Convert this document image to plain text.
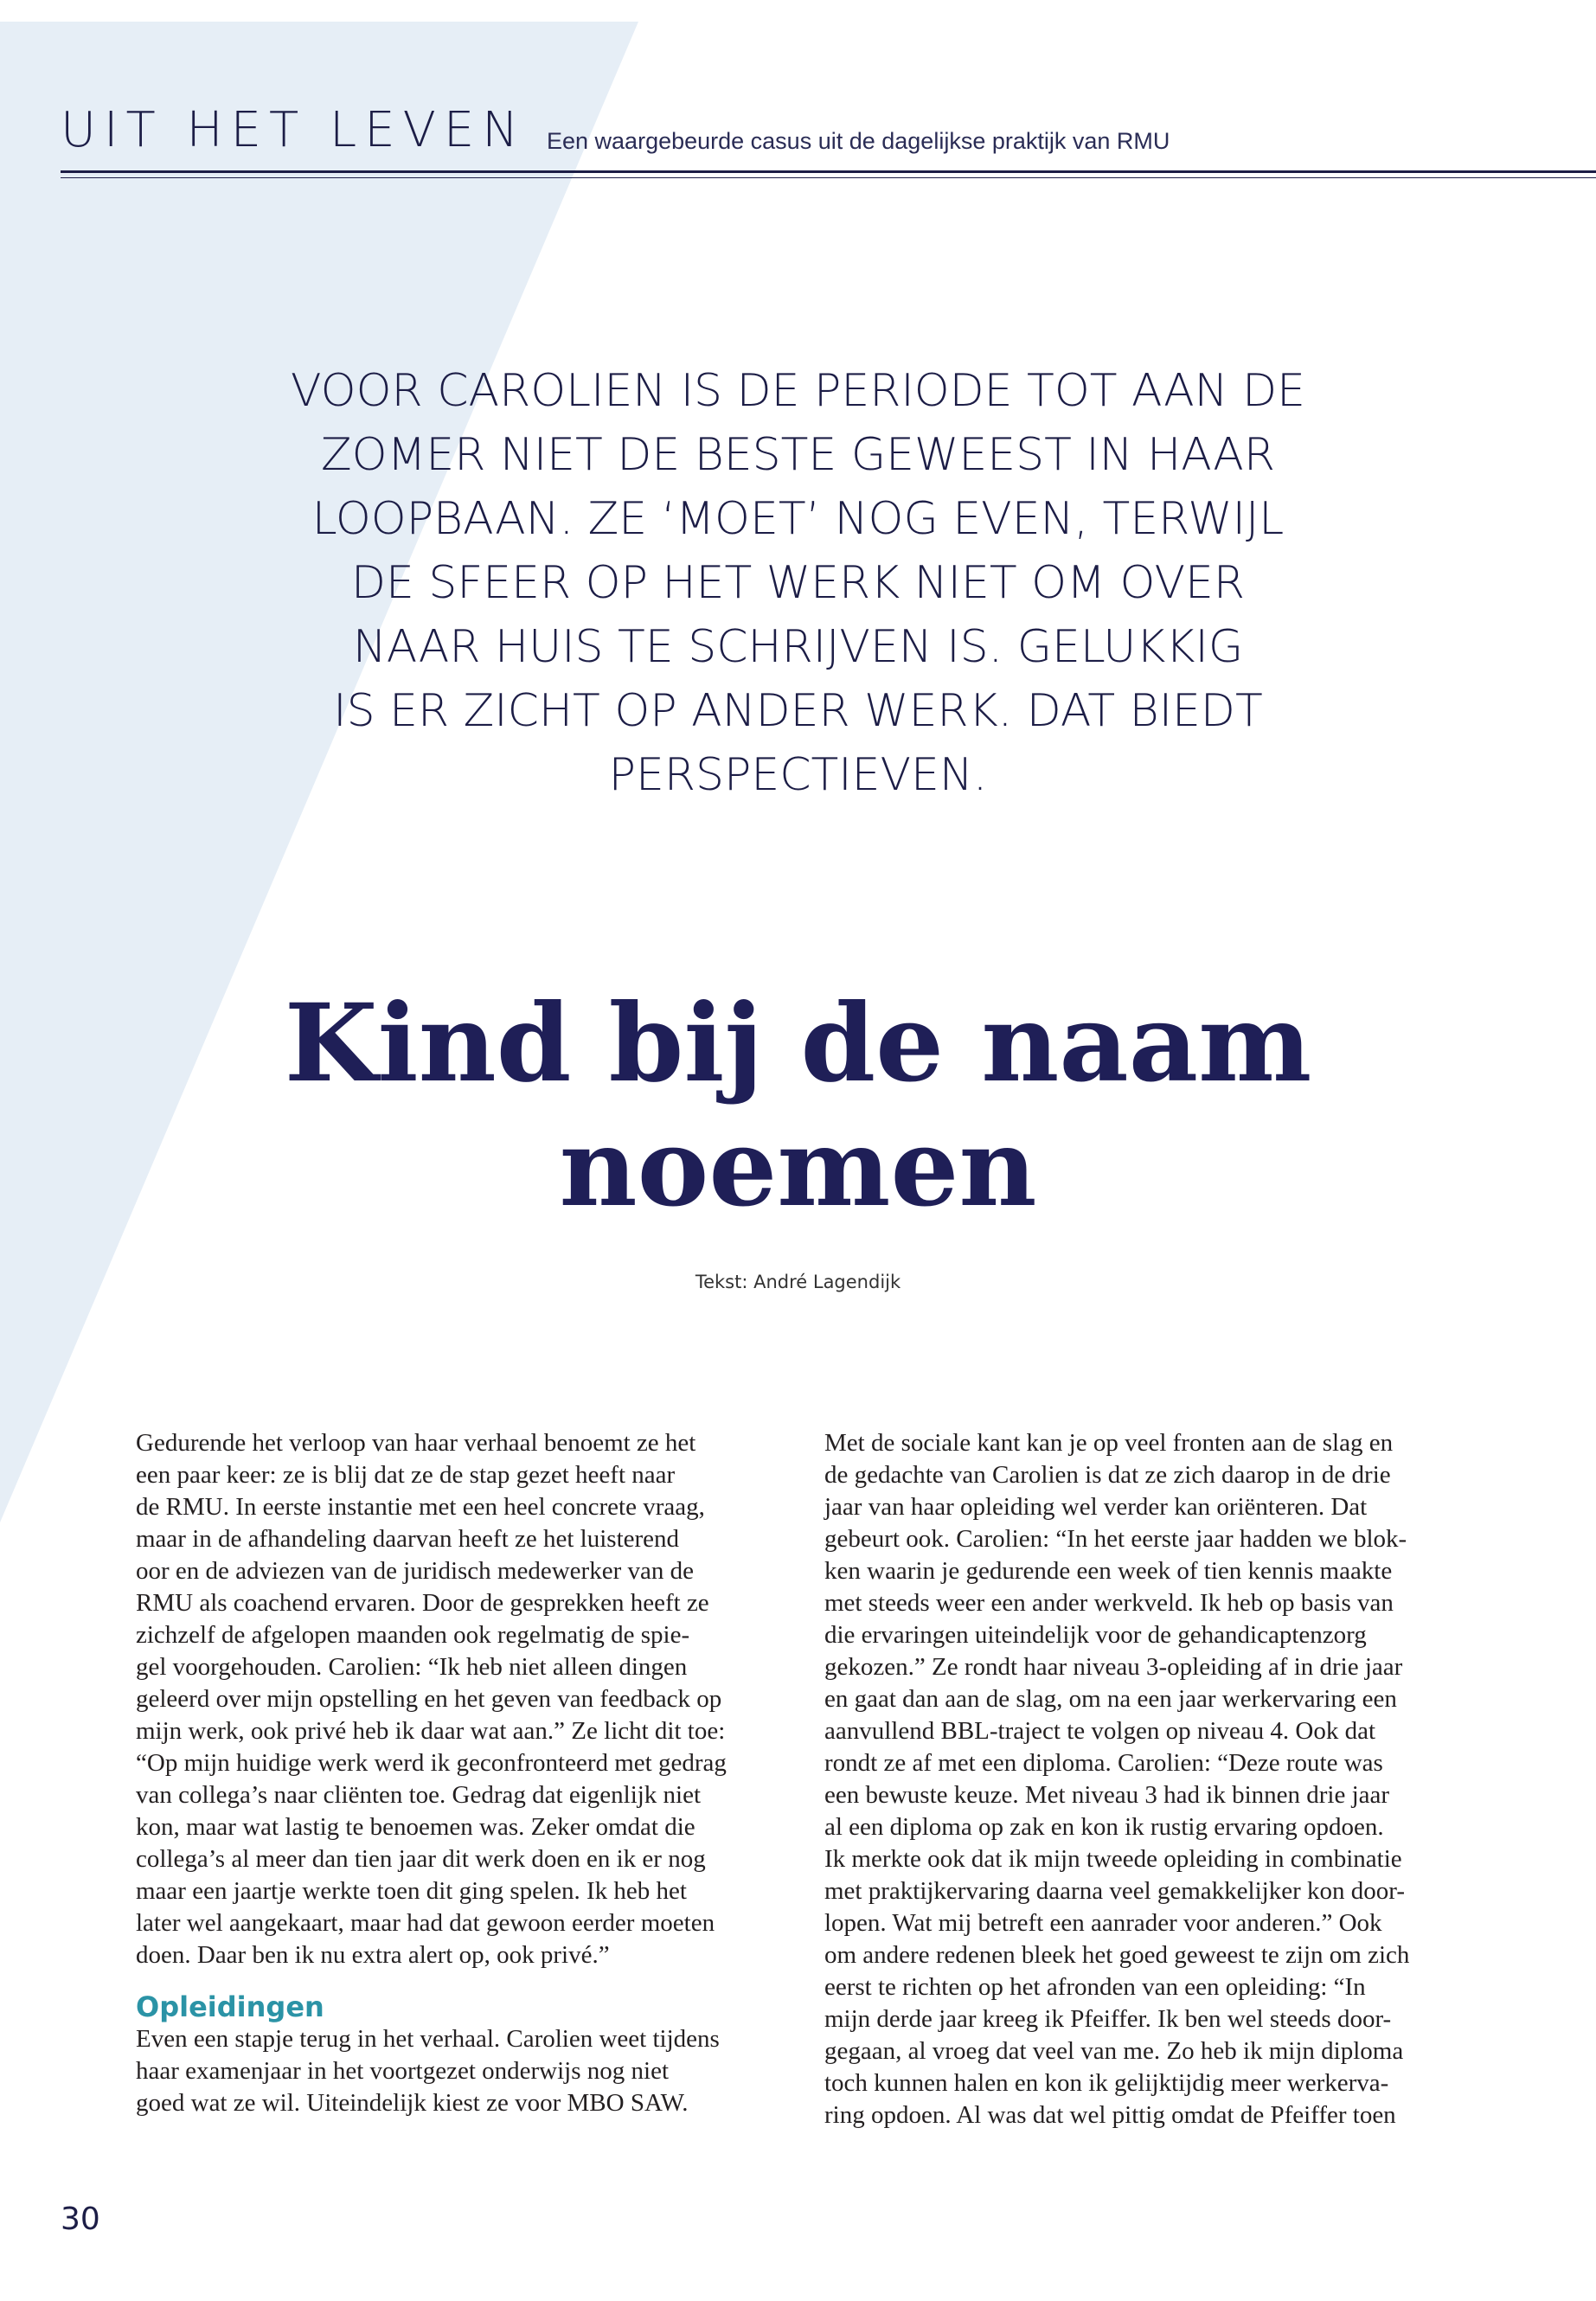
UIT HET LEVEN Een waargebeurde casus uit de dagelijkse praktijk van RMU
VOOR CAROLIEN IS DE PERIODE TOT AAN DE
ZOMER NIET DE BESTE GEWEEST IN HAAR
LOOPBAAN. ZE ‘MOET’ NOG EVEN, TERWIJL
DE SFEER OP HET WERK NIET OM OVER
NAAR HUIS TE SCHRIJVEN IS. GELUKKIG
IS ER ZICHT OP ANDER WERK. DAT BIEDT
PERSPECTIEVEN.
Kind bij de naam
noemen
Tekst: André Lagendijk
Gedurende het verloop van haar verhaal benoemt ze het
een paar keer: ze is blij dat ze de stap gezet heeft naar
de RMU. In eerste instantie met een heel concrete vraag,
maar in de afhandeling daarvan heeft ze het luisterend
oor en de adviezen van de juridisch medewerker van de
RMU als coachend ervaren. Door de gesprekken heeft ze
zichzelf de afgelopen maanden ook regelmatig de spie-
gel voorgehouden. Carolien: “Ik heb niet alleen dingen
geleerd over mijn opstelling en het geven van feedback op
mijn werk, ook privé heb ik daar wat aan.” Ze licht dit toe:
“Op mijn huidige werk werd ik geconfronteerd met gedrag
van collega’s naar cliënten toe. Gedrag dat eigenlijk niet
kon, maar wat lastig te benoemen was. Zeker omdat die
collega’s al meer dan tien jaar dit werk doen en ik er nog
maar een jaartje werkte toen dit ging spelen. Ik heb het
later wel aangekaart, maar had dat gewoon eerder moeten
doen. Daar ben ik nu extra alert op, ook privé.”
Opleidingen
Even een stapje terug in het verhaal. Carolien weet tijdens
haar examenjaar in het voortgezet onderwijs nog niet
goed wat ze wil. Uiteindelijk kiest ze voor MBO SAW.
Met de sociale kant kan je op veel fronten aan de slag en
de gedachte van Carolien is dat ze zich daarop in de drie
jaar van haar opleiding wel verder kan oriënteren. Dat
gebeurt ook. Carolien: “In het eerste jaar hadden we blok-
ken waarin je gedurende een week of tien kennis maakte
met steeds weer een ander werkveld. Ik heb op basis van
die ervaringen uiteindelijk voor de gehandicaptenzorg
gekozen.” Ze rondt haar niveau 3-opleiding af in drie jaar
en gaat dan aan de slag, om na een jaar werkervaring een
aanvullend BBL-traject te volgen op niveau 4. Ook dat
rondt ze af met een diploma. Carolien: “Deze route was
een bewuste keuze. Met niveau 3 had ik binnen drie jaar
al een diploma op zak en kon ik rustig ervaring opdoen.
Ik merkte ook dat ik mijn tweede opleiding in combinatie
met praktijkervaring daarna veel gemakkelijker kon door-
lopen. Wat mij betreft een aanrader voor anderen.” Ook
om andere redenen bleek het goed geweest te zijn om zich
eerst te richten op het afronden van een opleiding: “In
mijn derde jaar kreeg ik Pfeiffer. Ik ben wel steeds door-
gegaan, al vroeg dat veel van me. Zo heb ik mijn diploma
toch kunnen halen en kon ik gelijktijdig meer werkerva-
ring opdoen. Al was dat wel pittig omdat de Pfeiffer toen
30
